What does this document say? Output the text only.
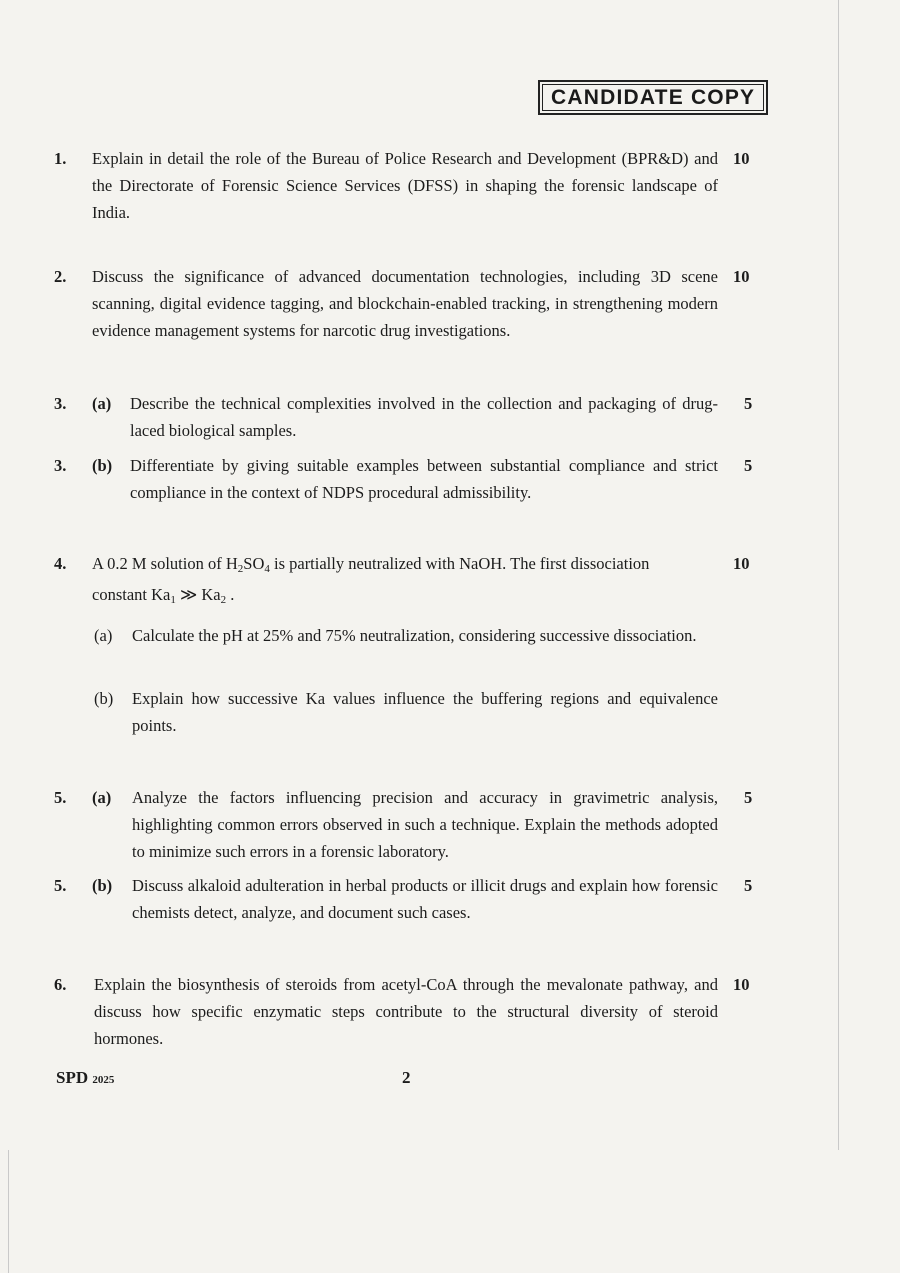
CANDIDATE COPY
1. Explain in detail the role of the Bureau of Police Research and Development (BPR&D) and the Directorate of Forensic Science Services (DFSS) in shaping the forensic landscape of India.
10
2. Discuss the significance of advanced documentation technologies, including 3D scene scanning, digital evidence tagging, and blockchain-enabled tracking, in strengthening modern evidence management systems for narcotic drug investigations.
10
3. (a) Describe the technical complexities involved in the collection and packaging of drug-laced biological samples.
5
3. (b) Differentiate by giving suitable examples between substantial compliance and strict compliance in the context of NDPS procedural admissibility.
5
4. A 0.2 M solution of $H_2SO_4$ is partially neutralized with NaOH. The first dissociation	10
constant $Ka_1$ ≫ $Ka_2$ .
(a) Calculate the pH at 25% and 75% neutralization, considering successive dissociation.
(b) Explain how successive Ka values influence the buffering regions and equivalence points.
5. (a) Analyze the factors influencing precision and accuracy in gravimetric analysis, highlighting common errors observed in such a technique. Explain the methods adopted to minimize such errors in a forensic laboratory.
5
5. (b) Discuss alkaloid adulteration in herbal products or illicit drugs and explain how forensic chemists detect, analyze, and document such cases.
5
6. Explain the biosynthesis of steroids from acetyl-CoA through the mevalonate pathway, and discuss how specific enzymatic steps contribute to the structural diversity of steroid hormones.
10
SPD 2025	2
